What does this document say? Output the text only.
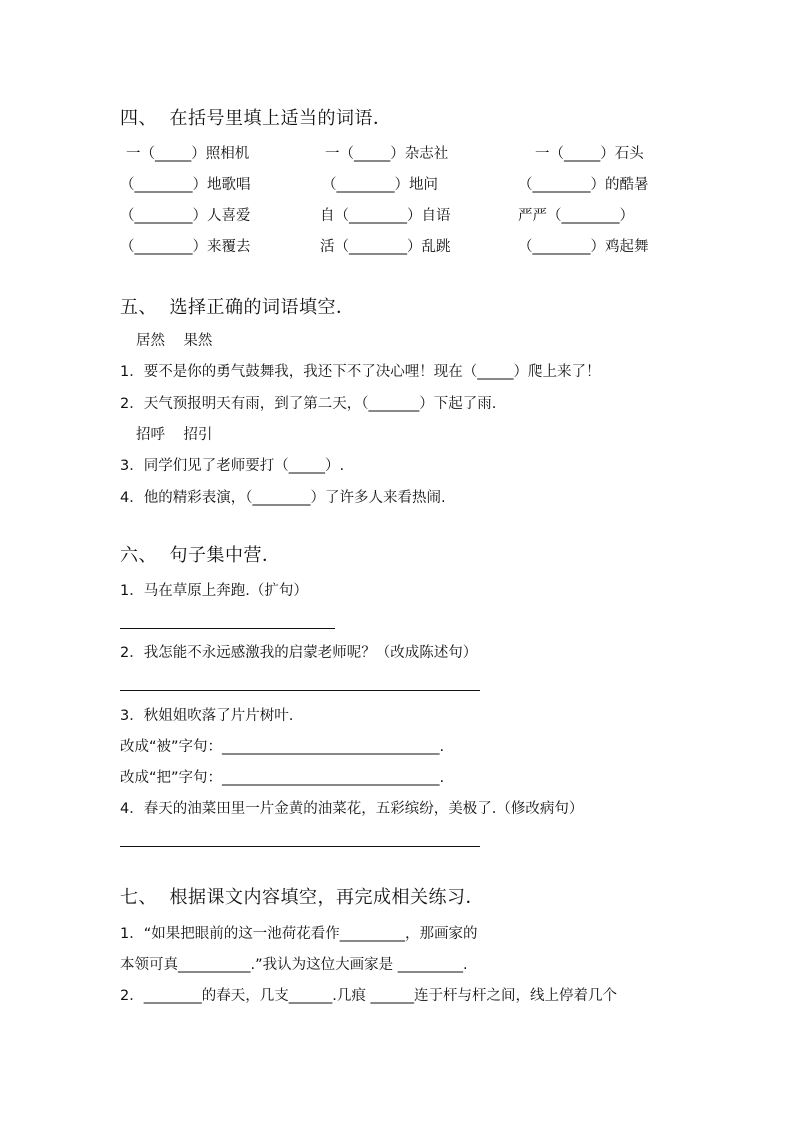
四、  在括号里填上适当的词语．
一（_____）照相机	一（_____）杂志社	一（_____）石头
（________）地歌唱	（________）地问	（________）的酷暑
（________）人喜爱	自（________）自语	严严（________）
（________）来覆去	活（________）乱跳	（________）鸡起舞
五、  选择正确的词语填空．
居然    果然
1．要不是你的勇气鼓舞我，我还下不了决心哩！现在（_____）爬上来了！
2．天气预报明天有雨，到了第二天，（_______）下起了雨.
招呼    招引
3．同学们见了老师要打（_____）.
4．他的精彩表演，（________）了许多人来看热闹.
六、  句子集中营．
1．马在草原上奔跑.（扩句）
2．我怎能不永远感激我的启蒙老师呢？（改成陈述句）
3．秋姐姐吹落了片片树叶.
改成“被”字句：______________________________.
改成“把”字句：______________________________.
4．春天的油菜田里一片金黄的油菜花，五彩缤纷，美极了.（修改病句）
七、  根据课文内容填空，再完成相关练习．
1．“如果把眼前的这一池荷花看作_________，那画家的
本领可真__________.”我认为这位大画家是 _________.
2．________的春天，几支______.几痕 ______连于杆与杆之间，线上停着几个
